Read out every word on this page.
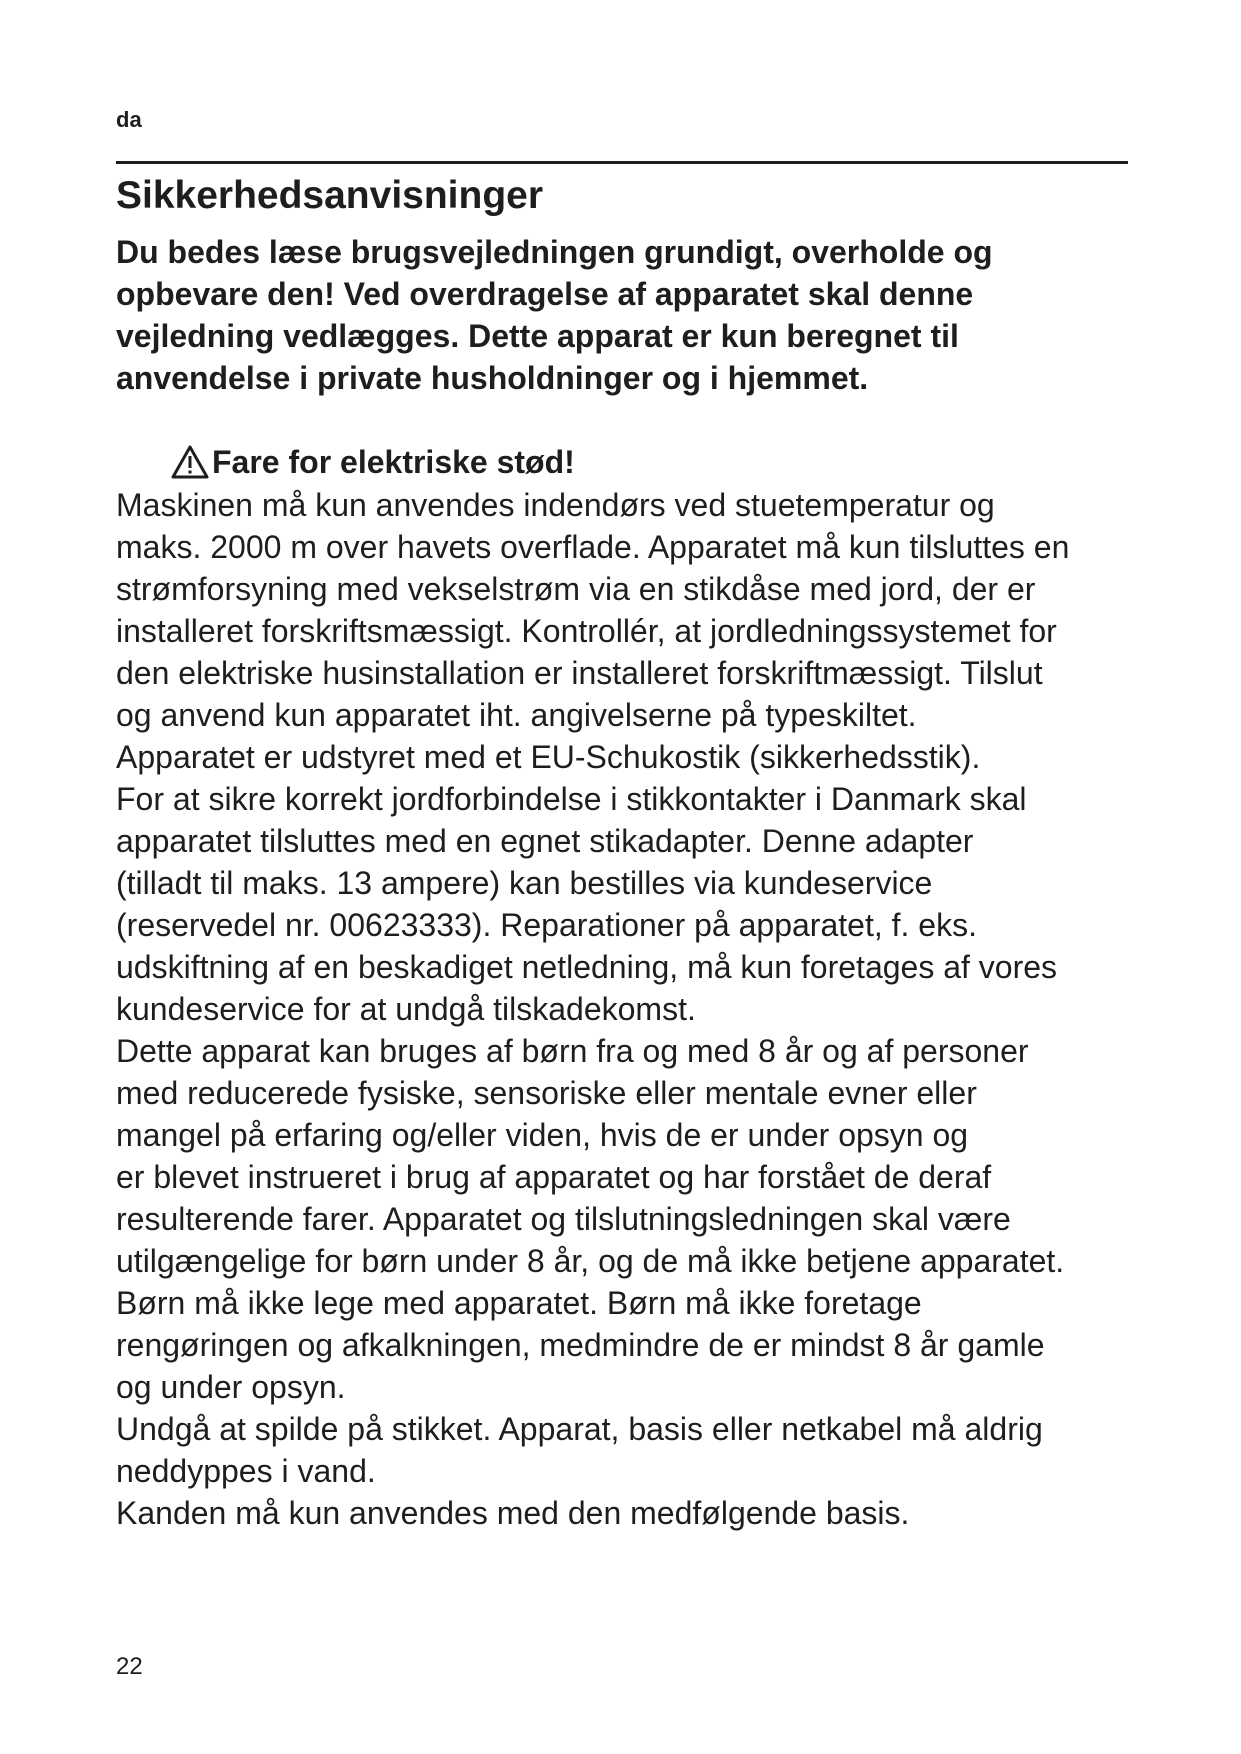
da
Sikkerhedsanvisninger
Du bedes læse brugsvejledningen grundigt, overholde og
opbevare den! Ved overdragelse af apparatet skal denne
vejledning vedlægges. Dette apparat er kun beregnet til
anvendelse i private husholdninger og i hjemmet.
Fare for elektriske stød!
Maskinen må kun anvendes indendørs ved stuetemperatur og
maks. 2000 m over havets overflade. Apparatet må kun tilsluttes en
strømforsyning med vekselstrøm via en stikdåse med jord, der er
installeret forskriftsmæssigt. Kontrollér, at jordledningssystemet for
den elektriske husinstallation er installeret forskriftmæssigt. Tilslut
og anvend kun apparatet iht. angivelserne på typeskiltet.
Apparatet er udstyret med et EU-Schukostik (sikkerhedsstik).
For at sikre korrekt jordforbindelse i stikkontakter i Danmark skal
apparatet tilsluttes med en egnet stikadapter. Denne adapter
(tilladt til maks. 13 ampere) kan bestilles via kundeservice
(reservedel nr. 00623333). Reparationer på apparatet, f. eks.
udskiftning af en beskadiget netledning, må kun foretages af vores
kundeservice for at undgå tilskadekomst.
Dette apparat kan bruges af børn fra og med 8 år og af personer
med reducerede fysiske, sensoriske eller mentale evner eller
mangel på erfaring og/eller viden, hvis de er under opsyn og
er blevet instrueret i brug af apparatet og har forstået de deraf
resulterende farer. Apparatet og tilslutningsledningen skal være
utilgængelige for børn under 8 år, og de må ikke betjene apparatet.
Børn må ikke lege med apparatet. Børn må ikke foretage
rengøringen og afkalkningen, medmindre de er mindst 8 år gamle
og under opsyn.
Undgå at spilde på stikket. Apparat, basis eller netkabel må aldrig
neddyppes i vand.
Kanden må kun anvendes med den medfølgende basis.
22
